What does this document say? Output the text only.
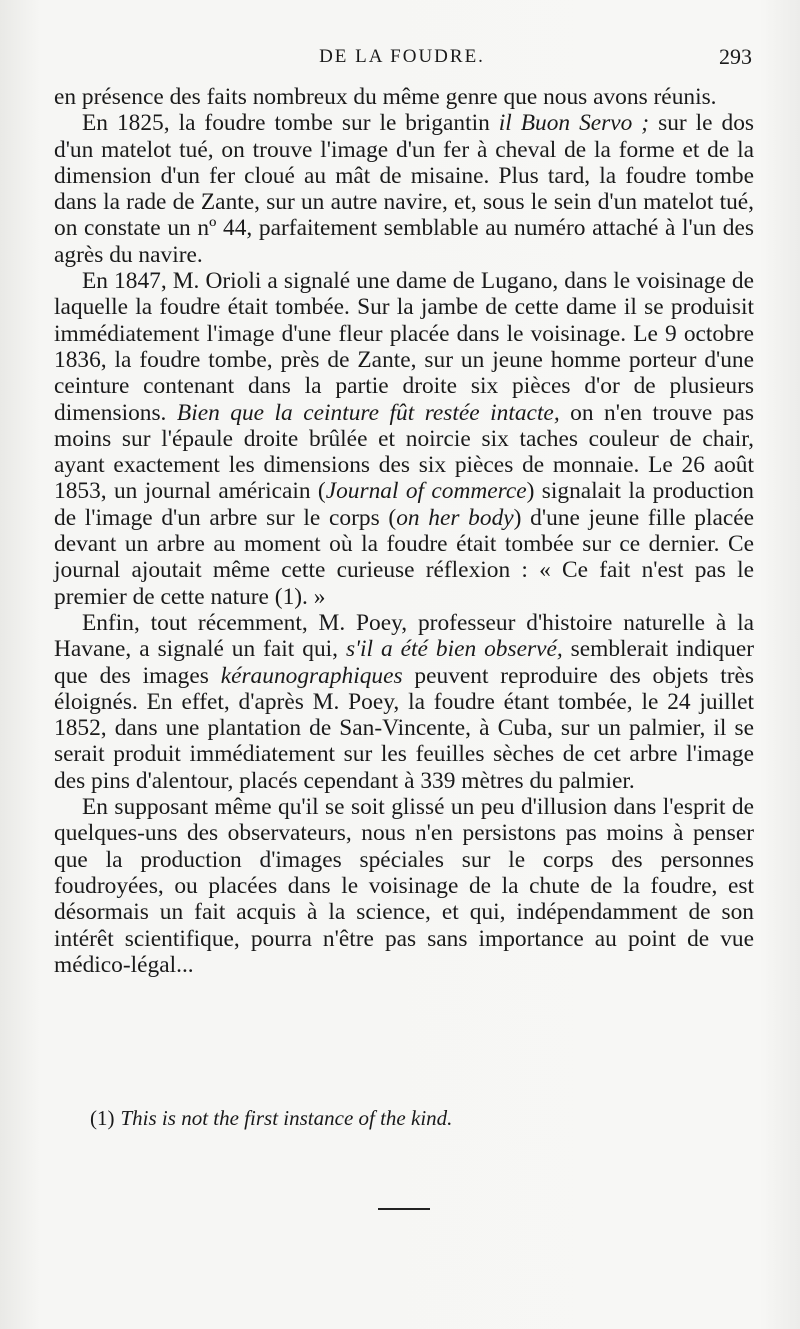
DE LA FOUDRE.	293

en présence des faits nombreux du même genre que nous avons réunis.

En 1825, la foudre tombe sur le brigantin il Buon Servo ; sur le dos d'un matelot tué, on trouve l'image d'un fer à cheval de la forme et de la dimension d'un fer cloué au mât de misaine. Plus tard, la foudre tombe dans la rade de Zante, sur un autre navire, et, sous le sein d'un matelot tué, on constate un nº 44, parfaitement semblable au numéro attaché à l'un des agrès du navire.

En 1847, M. Orioli a signalé une dame de Lugano, dans le voisinage de laquelle la foudre était tombée. Sur la jambe de cette dame il se produisit immédiatement l'image d'une fleur placée dans le voisinage. Le 9 octobre 1836, la foudre tombe, près de Zante, sur un jeune homme porteur d'une ceinture contenant dans la partie droite six pièces d'or de plusieurs dimensions. Bien que la ceinture fût restée intacte, on n'en trouve pas moins sur l'épaule droite brûlée et noircie six taches couleur de chair, ayant exactement les dimensions des six pièces de monnaie. Le 26 août 1853, un journal américain (Journal of commerce) signalait la production de l'image d'un arbre sur le corps (on her body) d'une jeune fille placée devant un arbre au moment où la foudre était tombée sur ce dernier. Ce journal ajoutait même cette curieuse réflexion : « Ce fait n'est pas le premier de cette nature (1). »

Enfin, tout récemment, M. Poey, professeur d'histoire naturelle à la Havane, a signalé un fait qui, s'il a été bien observé, semblerait indiquer que des images kéraunographiques peuvent reproduire des objets très éloignés. En effet, d'après M. Poey, la foudre étant tombée, le 24 juillet 1852, dans une plantation de San-Vincente, à Cuba, sur un palmier, il se serait produit immédiatement sur les feuilles sèches de cet arbre l'image des pins d'alentour, placés cependant à 339 mètres du palmier.

En supposant même qu'il se soit glissé un peu d'illusion dans l'esprit de quelques-uns des observateurs, nous n'en persistons pas moins à penser que la production d'images spéciales sur le corps des personnes foudroyées, ou placées dans le voisinage de la chute de la foudre, est désormais un fait acquis à la science, et qui, indépendamment de son intérêt scientifique, pourra n'être pas sans importance au point de vue médico-légal...

(1) This is not the first instance of the kind.
